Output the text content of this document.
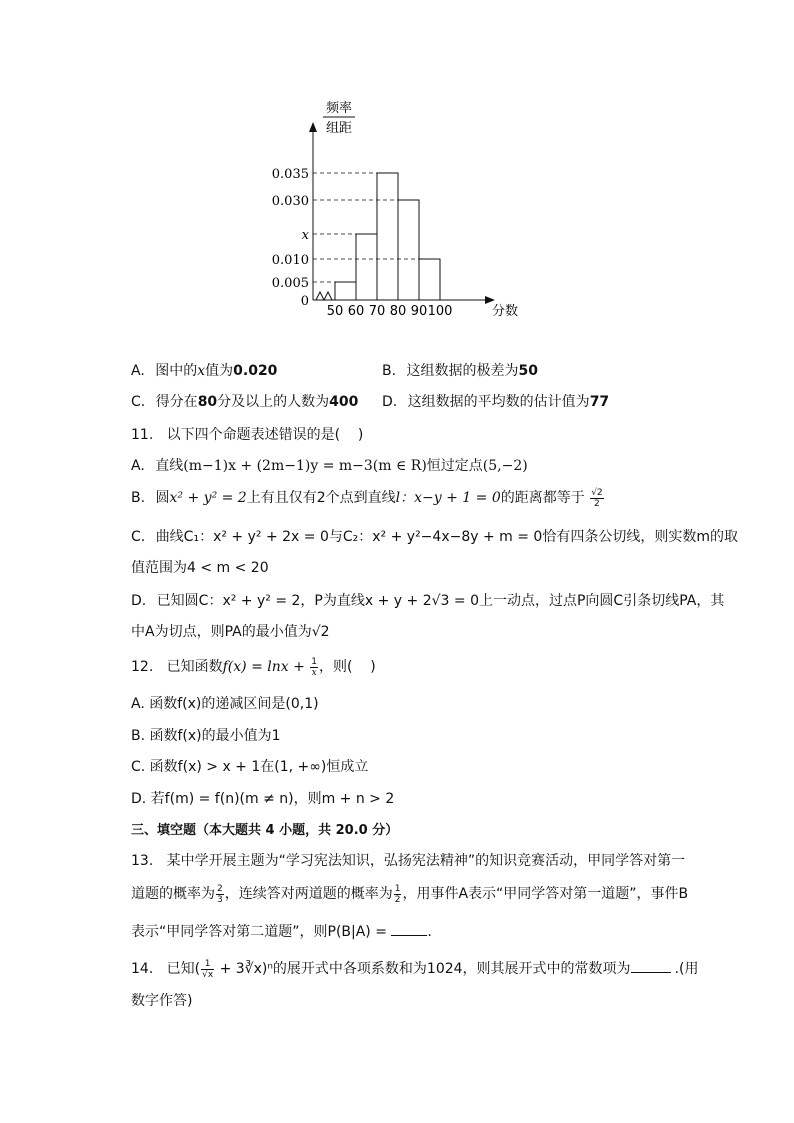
频率
组距
分数
0.035
0.030
x
0.010
0.005
0
50 60 70 80 90 100
A. 图中的x值为0.020	B. 这组数据的极差为50
C. 得分在80分及以上的人数为400 D. 这组数据的平均数的估计值为77
11.   以下四个命题表述错误的是(    )
A. 直线(m−1)x + (2m−1)y = m−3(m ∈ R)恒过定点(5,−2)
B. 圆x² + y² = 2上有且仅有2个点到直线l：x−y + 1 = 0的距离都等于 $\frac{√2}{2}$
C. 曲线C₁：x² + y² + 2x = 0与C₂：x² + y²−4x−8y + m = 0恰有四条公切线，则实数m的取
值范围为4 < m < 20
D. 已知圆C：x² + y² = 2，P为直线x + y + 2√3 = 0上一动点，过点P向圆C引条切线PA，其
中A为切点，则PA的最小值为√2
12.   已知函数$f(x) = \ln x + \frac{1}{x}$ ，则(    )
A. 函数f(x)的递减区间是(0,1)
B. 函数f(x)的最小值为1
C. 函数f(x) > x + 1在(1, +∞)恒成立
D. 若f(m) = f(n)(m ≠ n)，则m + n > 2
三、填空题（本大题共 4 小题，共 20.0 分）
13.   某中学开展主题为“学习宪法知识，弘扬宪法精神”的知识竞赛活动，甲同学答对第一
道题的概率为 $\frac{2}{3}$ ，连续答对两道题的概率为 $\frac{1}{2}$ ，用事件A表示“甲同学答对第一道题”，事件B
表示“甲同学答对第二道题”，则P(B|A) =	.
14.   已知( $\frac{1}{√x}$ + 3∛x)ⁿ的展开式中各项系数和为1024，则其展开式中的常数项为	.(用
数字作答)
